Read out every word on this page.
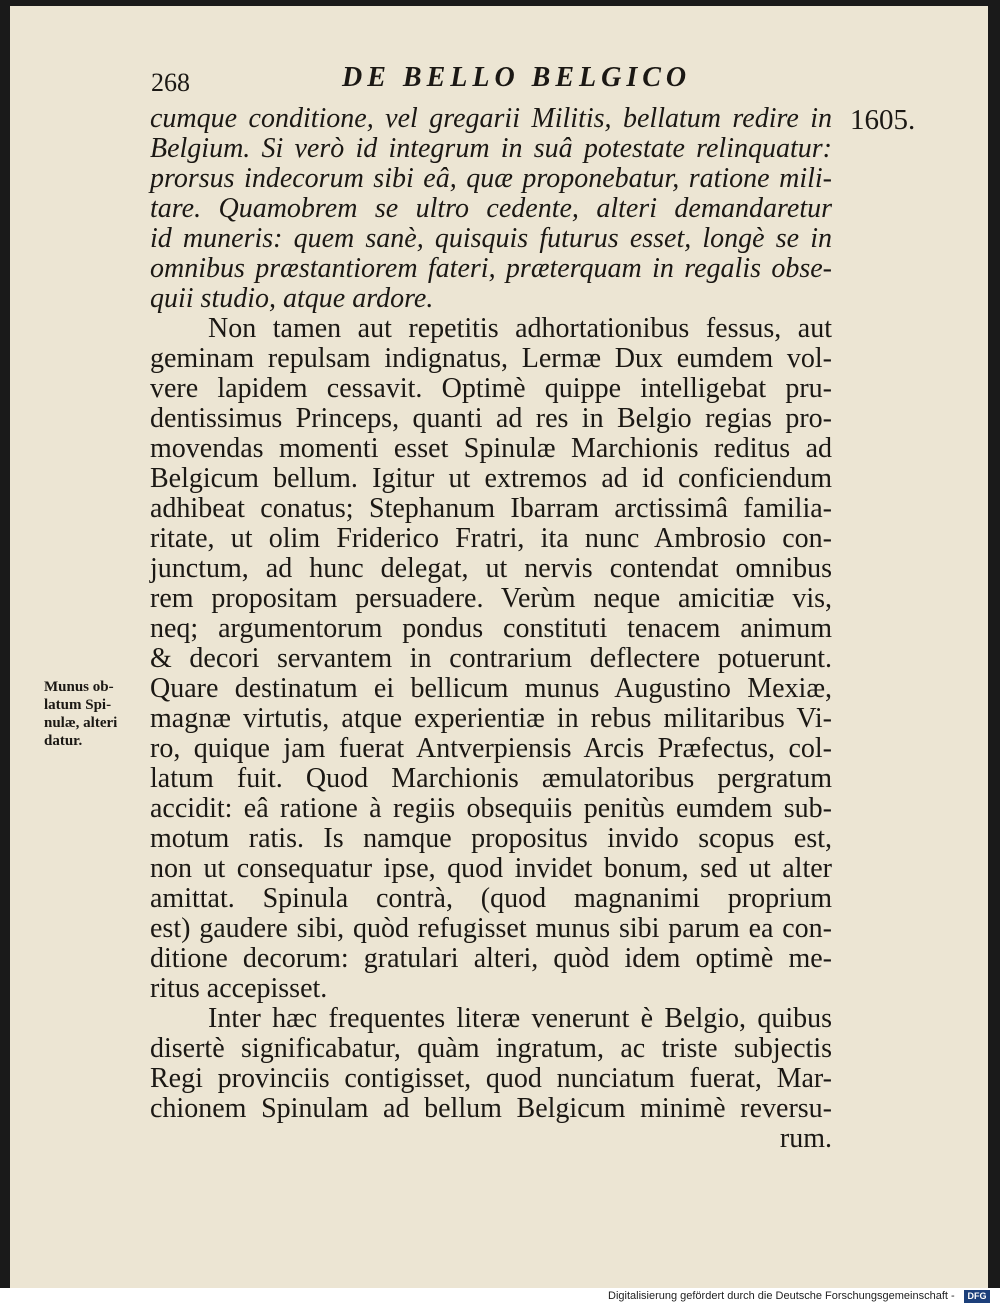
268	DE BELLO BELGICO
1605.
cumque conditione, vel gregarii Militis, bellatum redire in
Belgium. Si verò id integrum in suâ potestate relinquatur:
prorsus indecorum sibi eâ, quæ proponebatur, ratione mili-
tare. Quamobrem se ultro cedente, alteri demandaretur
id muneris: quem sanè, quisquis futurus esset, longè se in
omnibus præstantiorem fateri, præterquam in regalis obse-
quii studio, atque ardore.
Non tamen aut repetitis adhortationibus fessus, aut
geminam repulsam indignatus, Lermæ Dux eumdem vol-
vere lapidem cessavit. Optimè quippe intelligebat pru-
dentissimus Princeps, quanti ad res in Belgio regias pro-
movendas momenti esset Spinulæ Marchionis reditus ad
Belgicum bellum. Igitur ut extremos ad id conficiendum
adhibeat conatus; Stephanum Ibarram arctissimâ familia-
ritate, ut olim Friderico Fratri, ita nunc Ambrosio con-
junctum, ad hunc delegat, ut nervis contendat omnibus
rem propositam persuadere. Verùm neque amicitiæ vis,
neq; argumentorum pondus constituti tenacem animum
& decori servantem in contrarium deflectere potuerunt.
Quare destinatum ei bellicum munus Augustino Mexiæ,
magnæ virtutis, atque experientiæ in rebus militaribus Vi-
ro, quique jam fuerat Antverpiensis Arcis Præfectus, col-
latum fuit. Quod Marchionis æmulatoribus pergratum
accidit: eâ ratione à regiis obsequiis penitùs eumdem sub-
motum ratis. Is namque propositus invido scopus est,
non ut consequatur ipse, quod invidet bonum, sed ut alter
amittat. Spinula contrà, (quod magnanimi proprium
est) gaudere sibi, quòd refugisset munus sibi parum ea con-
ditione decorum: gratulari alteri, quòd idem optimè me-
ritus accepisset.
Inter hæc frequentes literæ venerunt è Belgio, quibus
disertè significabatur, quàm ingratum, ac triste subjectis
Regi provinciis contigisset, quod nunciatum fuerat, Mar-
chionem Spinulam ad bellum Belgicum minimè reversu-
rum.
Munus ob-
latum Spi-
nulæ, alteri
datur.
Digitalisierung gefördert durch die Deutsche Forschungsgemeinschaft -	DFG
